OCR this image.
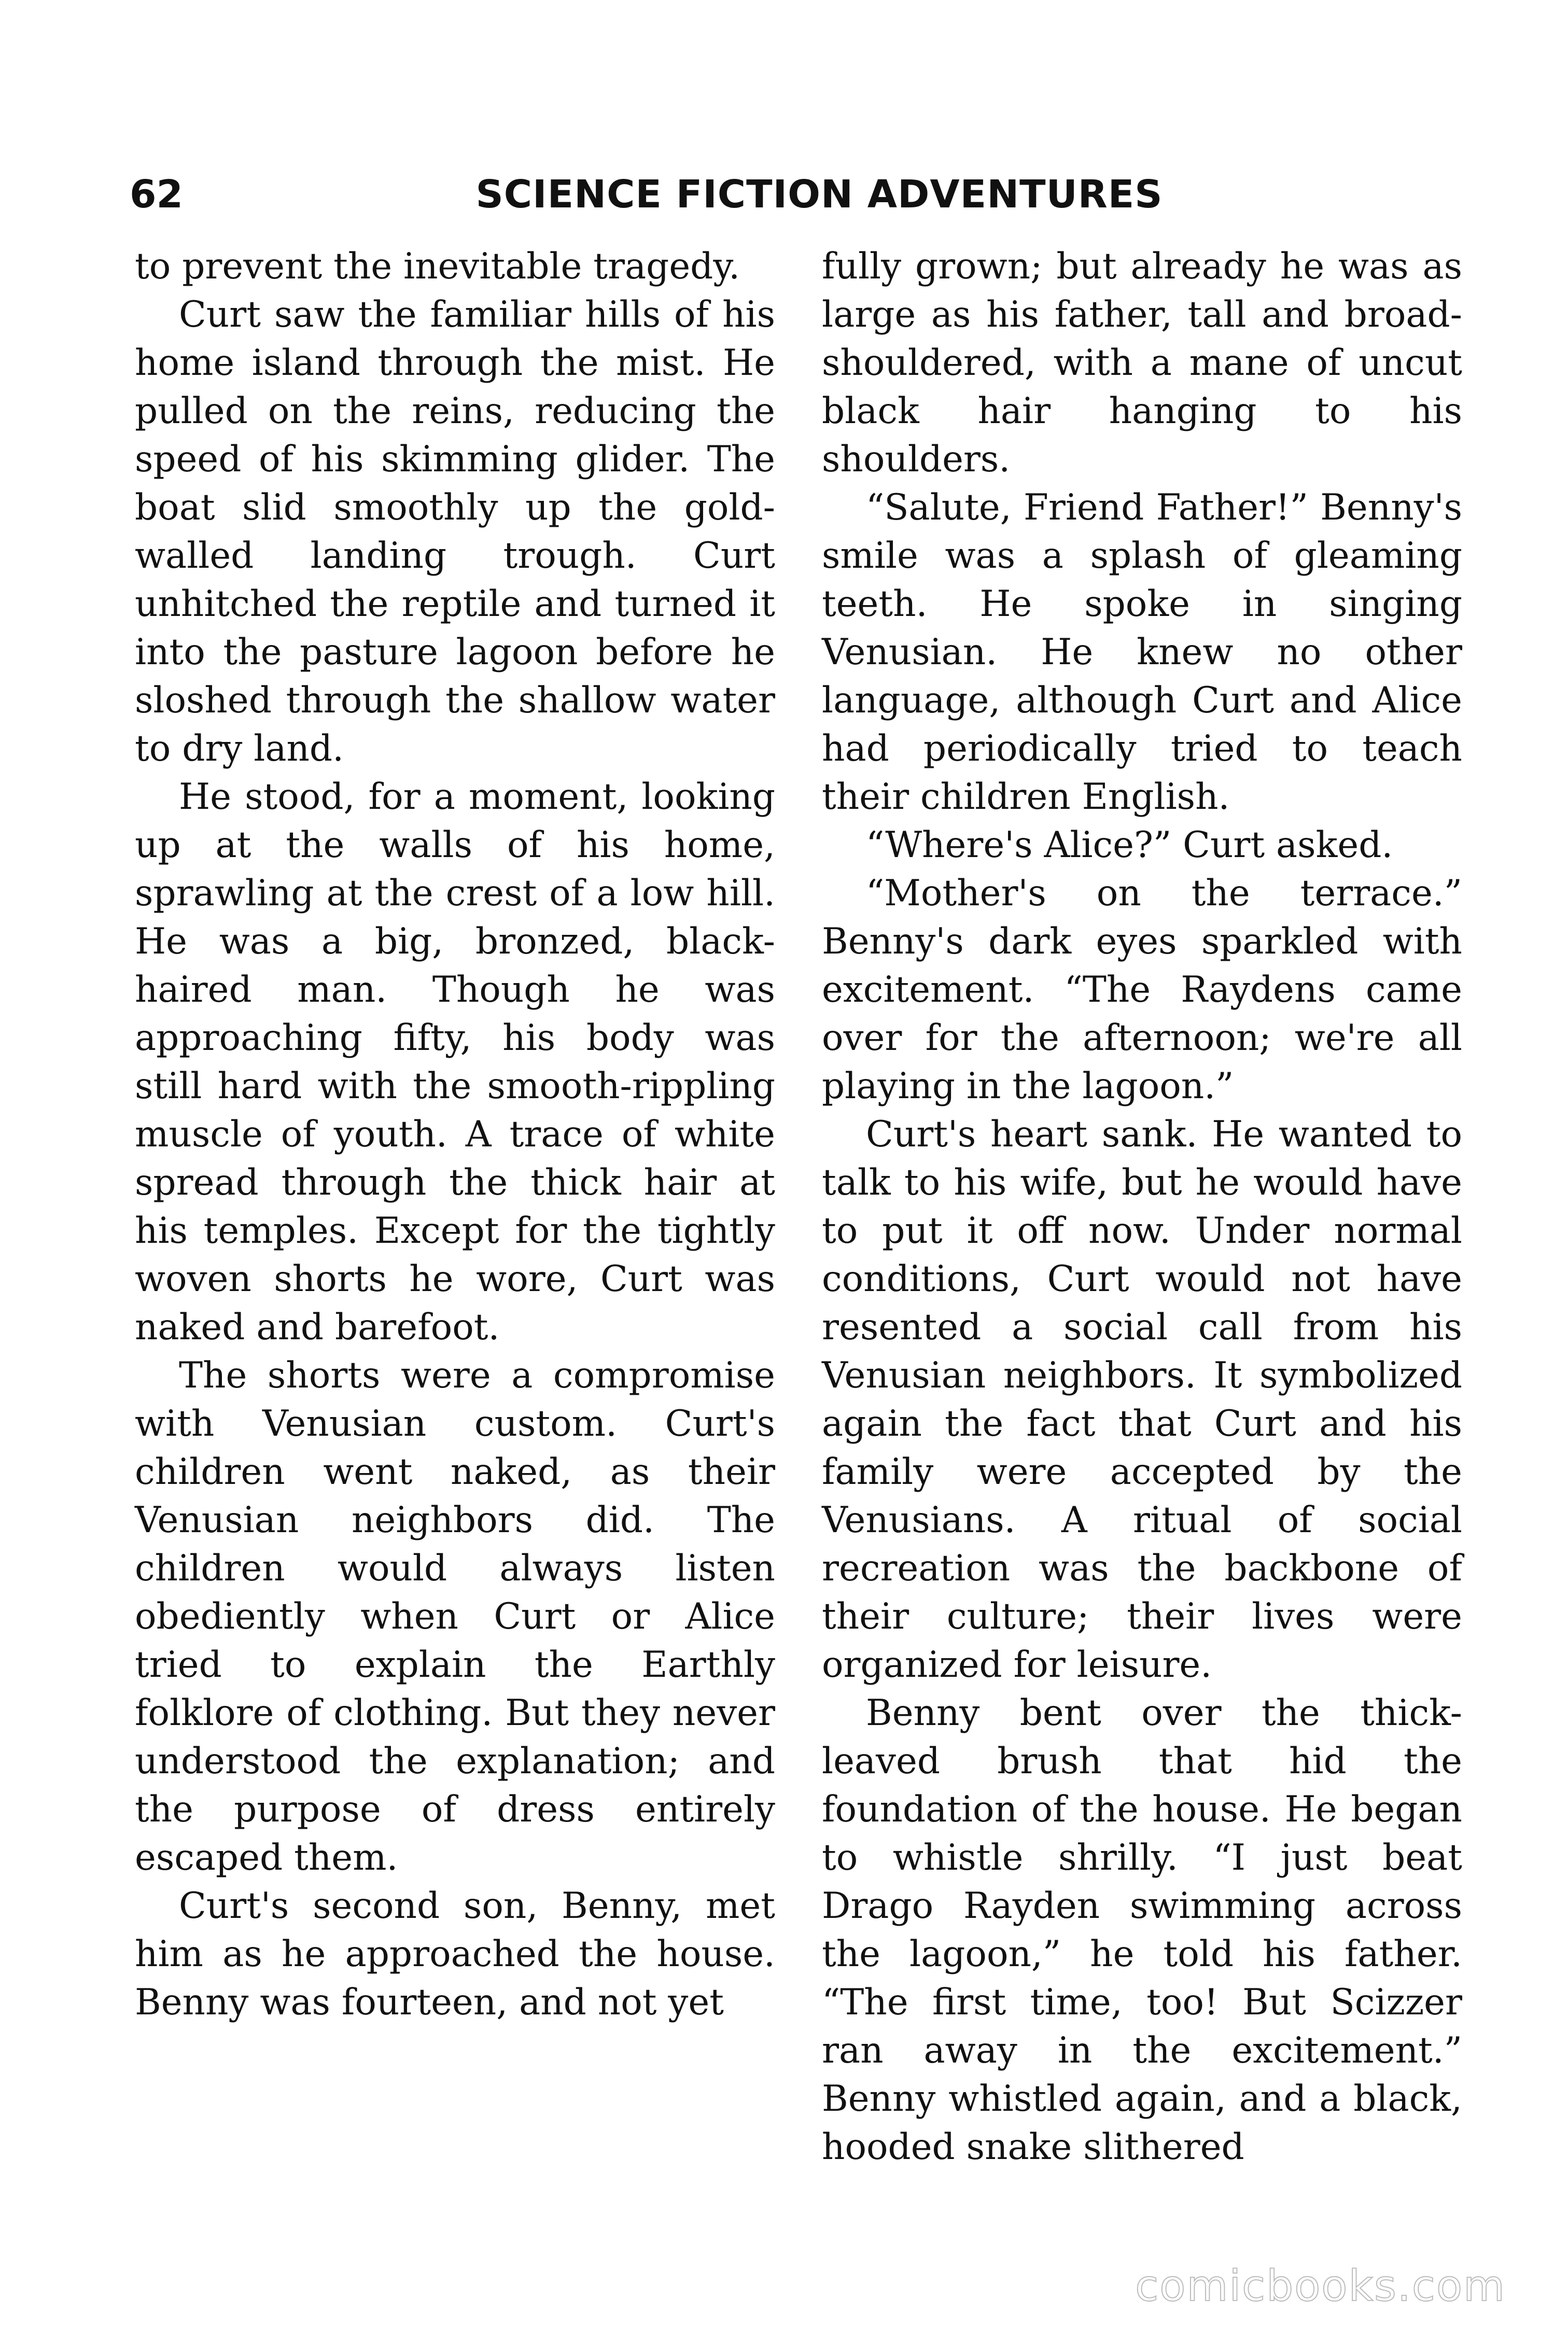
62	SCIENCE FICTION ADVENTURES

to prevent the inevitable tragedy.

Curt saw the familiar hills of his home island through the mist. He pulled on the reins, reducing the speed of his skimming glider. The boat slid smoothly up the gold-walled landing trough. Curt unhitched the reptile and turned it into the pasture lagoon before he sloshed through the shallow water to dry land.

He stood, for a moment, looking up at the walls of his home, sprawling at the crest of a low hill. He was a big, bronzed, black-haired man. Though he was approaching fifty, his body was still hard with the smooth-rippling muscle of youth. A trace of white spread through the thick hair at his temples. Except for the tightly woven shorts he wore, Curt was naked and barefoot.

The shorts were a compromise with Venusian custom. Curt's children went naked, as their Venusian neighbors did. The children would always listen obediently when Curt or Alice tried to explain the Earthly folklore of clothing. But they never understood the explanation; and the purpose of dress entirely escaped them.

Curt's second son, Benny, met him as he approached the house. Benny was fourteen, and not yet

fully grown; but already he was as large as his father, tall and broad-shouldered, with a mane of uncut black hair hanging to his shoulders.

“Salute, Friend Father!” Benny's smile was a splash of gleaming teeth. He spoke in singing Venusian. He knew no other language, although Curt and Alice had periodically tried to teach their children English.

“Where's Alice?” Curt asked.

“Mother's on the terrace.” Benny's dark eyes sparkled with excitement. “The Raydens came over for the afternoon; we're all playing in the lagoon.”

Curt's heart sank. He wanted to talk to his wife, but he would have to put it off now. Under normal conditions, Curt would not have resented a social call from his Venusian neighbors. It symbolized again the fact that Curt and his family were accepted by the Venusians. A ritual of social recreation was the backbone of their culture; their lives were organized for leisure.

Benny bent over the thick-leaved brush that hid the foundation of the house. He began to whistle shrilly. “I just beat Drago Rayden swimming across the lagoon,” he told his father. “The first time, too! But Scizzer ran away in the excitement.” Benny whistled again, and a black, hooded snake slithered

comicbooks.com
